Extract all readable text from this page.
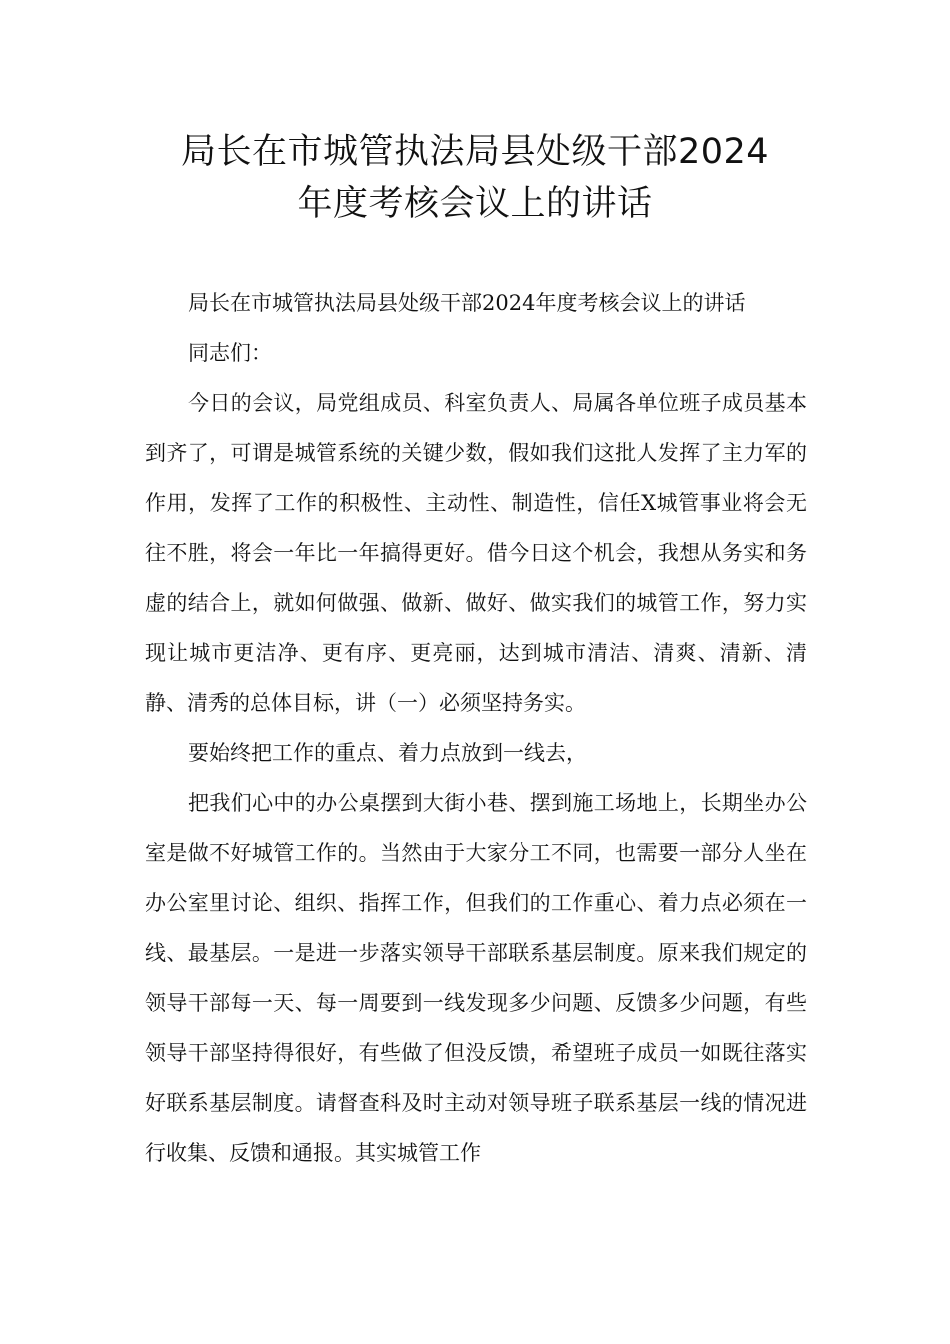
局长在市城管执法局县处级干部2024
年度考核会议上的讲话

局长在市城管执法局县处级干部2024年度考核会议上的讲话

同志们：

今日的会议，局党组成员、科室负责人、局属各单位班子成员基本到齐了，可谓是城管系统的关键少数，假如我们这批人发挥了主力军的作用，发挥了工作的积极性、主动性、制造性，信任X城管事业将会无往不胜，将会一年比一年搞得更好。借今日这个机会，我想从务实和务虚的结合上，就如何做强、做新、做好、做实我们的城管工作，努力实现让城市更洁净、更有序、更亮丽，达到城市清洁、清爽、清新、清静、清秀的总体目标，讲（一）必须坚持务实。

要始终把工作的重点、着力点放到一线去，

把我们心中的办公桌摆到大街小巷、摆到施工场地上，长期坐办公室是做不好城管工作的。当然由于大家分工不同，也需要一部分人坐在办公室里讨论、组织、指挥工作，但我们的工作重心、着力点必须在一线、最基层。一是进一步落实领导干部联系基层制度。原来我们规定的领导干部每一天、每一周要到一线发现多少问题、反馈多少问题，有些领导干部坚持得很好，有些做了但没反馈，希望班子成员一如既往落实好联系基层制度。请督查科及时主动对领导班子联系基层一线的情况进行收集、反馈和通报。其实城管工作
